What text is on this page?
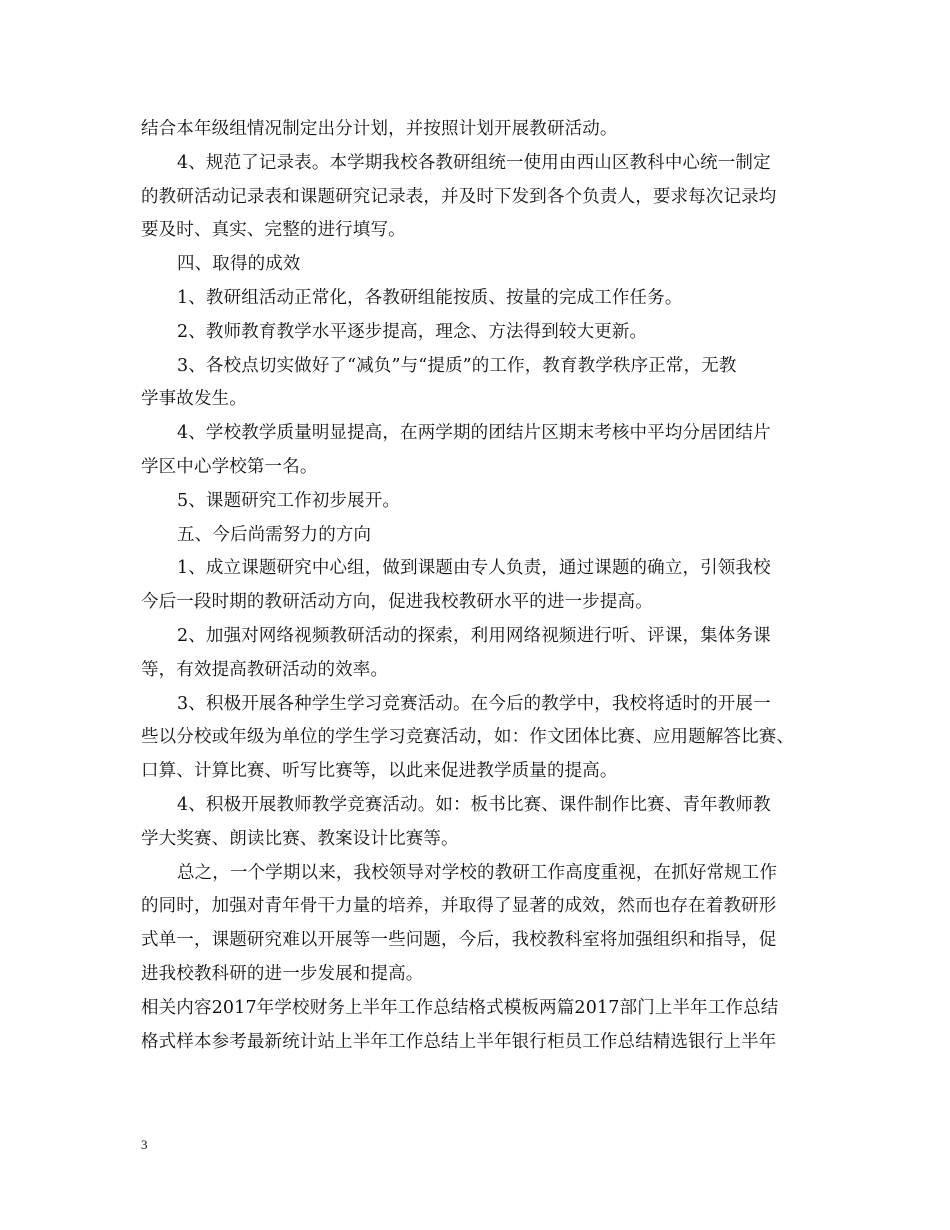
结合本年级组情况制定出分计划，并按照计划开展教研活动。
4、规范了记录表。本学期我校各教研组统一使用由西山区教科中心统一制定
的教研活动记录表和课题研究记录表，并及时下发到各个负责人，要求每次记录均
要及时、真实、完整的进行填写。
四、取得的成效
1、教研组活动正常化，各教研组能按质、按量的完成工作任务。
2、教师教育教学水平逐步提高，理念、方法得到较大更新。
3、各校点切实做好了“减负”与“提质”的工作，教育教学秩序正常，无教
学事故发生。
4、学校教学质量明显提高，在两学期的团结片区期末考核中平均分居团结片
学区中心学校第一名。
5、课题研究工作初步展开。
五、今后尚需努力的方向
1、成立课题研究中心组，做到课题由专人负责，通过课题的确立，引领我校
今后一段时期的教研活动方向，促进我校教研水平的进一步提高。
2、加强对网络视频教研活动的探索，利用网络视频进行听、评课，集体务课
等，有效提高教研活动的效率。
3、积极开展各种学生学习竞赛活动。在今后的教学中，我校将适时的开展一
些以分校或年级为单位的学生学习竞赛活动，如：作文团体比赛、应用题解答比赛、
口算、计算比赛、听写比赛等，以此来促进教学质量的提高。
4、积极开展教师教学竞赛活动。如：板书比赛、课件制作比赛、青年教师教
学大奖赛、朗读比赛、教案设计比赛等。
总之，一个学期以来，我校领导对学校的教研工作高度重视，在抓好常规工作
的同时，加强对青年骨干力量的培养，并取得了显著的成效，然而也存在着教研形
式单一，课题研究难以开展等一些问题，今后，我校教科室将加强组织和指导，促
进我校教科研的进一步发展和提高。
相关内容2017年学校财务上半年工作总结格式模板两篇2017部门上半年工作总结
格式样本参考最新统计站上半年工作总结上半年银行柜员工作总结精选银行上半年
3
